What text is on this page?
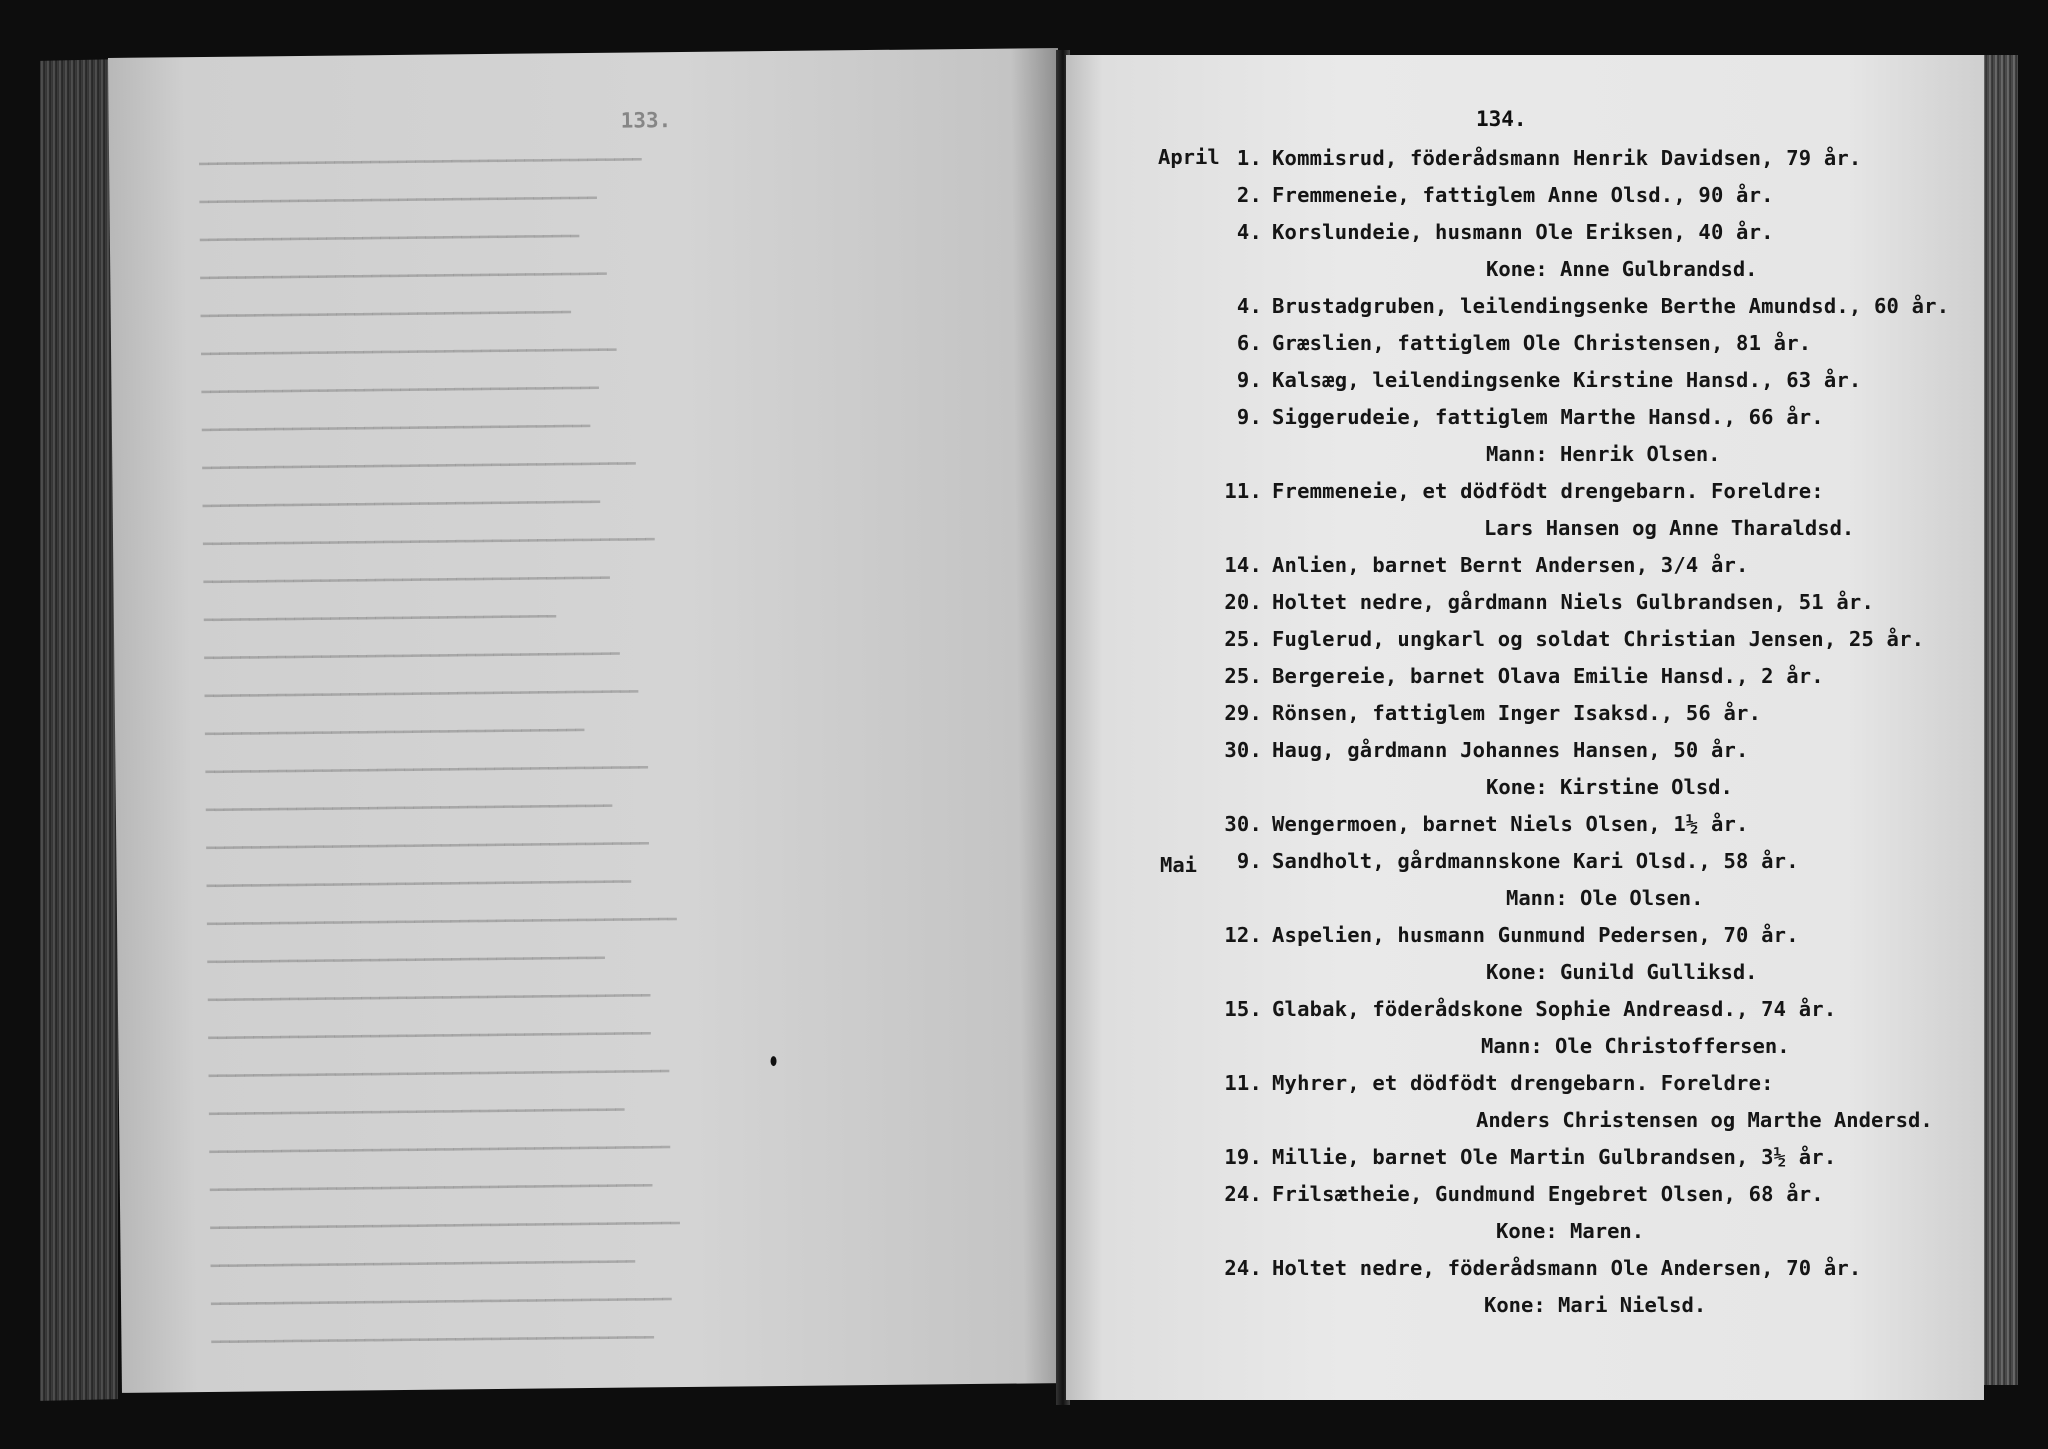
133.
━━━━━━━━━━━━━━━━━━━━━━━━━━━━━━━━━━━━━━━━━━━━━━━━━
━━━━━━━━━━━━━━━━━━━━━━━━━━━━━━━━━━━━━━━━━━━━
━━━━━━━━━━━━━━━━━━━━━━━━━━━━━━━━━━━━━━━━━━
━━━━━━━━━━━━━━━━━━━━━━━━━━━━━━━━━━━━━━━━━━━━━
━━━━━━━━━━━━━━━━━━━━━━━━━━━━━━━━━━━━━━━━━
━━━━━━━━━━━━━━━━━━━━━━━━━━━━━━━━━━━━━━━━━━━━━━
━━━━━━━━━━━━━━━━━━━━━━━━━━━━━━━━━━━━━━━━━━━━
━━━━━━━━━━━━━━━━━━━━━━━━━━━━━━━━━━━━━━━━━━━
━━━━━━━━━━━━━━━━━━━━━━━━━━━━━━━━━━━━━━━━━━━━━━━━
━━━━━━━━━━━━━━━━━━━━━━━━━━━━━━━━━━━━━━━━━━━━
━━━━━━━━━━━━━━━━━━━━━━━━━━━━━━━━━━━━━━━━━━━━━━━━━━
━━━━━━━━━━━━━━━━━━━━━━━━━━━━━━━━━━━━━━━━━━━━━
━━━━━━━━━━━━━━━━━━━━━━━━━━━━━━━━━━━━━━━
━━━━━━━━━━━━━━━━━━━━━━━━━━━━━━━━━━━━━━━━━━━━━━
━━━━━━━━━━━━━━━━━━━━━━━━━━━━━━━━━━━━━━━━━━━━━━━━
━━━━━━━━━━━━━━━━━━━━━━━━━━━━━━━━━━━━━━━━━━
━━━━━━━━━━━━━━━━━━━━━━━━━━━━━━━━━━━━━━━━━━━━━━━━━
━━━━━━━━━━━━━━━━━━━━━━━━━━━━━━━━━━━━━━━━━━━━━
━━━━━━━━━━━━━━━━━━━━━━━━━━━━━━━━━━━━━━━━━━━━━━━━━
━━━━━━━━━━━━━━━━━━━━━━━━━━━━━━━━━━━━━━━━━━━━━━━
━━━━━━━━━━━━━━━━━━━━━━━━━━━━━━━━━━━━━━━━━━━━━━━━━━━━
━━━━━━━━━━━━━━━━━━━━━━━━━━━━━━━━━━━━━━━━━━━━
━━━━━━━━━━━━━━━━━━━━━━━━━━━━━━━━━━━━━━━━━━━━━━━━━
━━━━━━━━━━━━━━━━━━━━━━━━━━━━━━━━━━━━━━━━━━━━━━━━━
━━━━━━━━━━━━━━━━━━━━━━━━━━━━━━━━━━━━━━━━━━━━━━━━━━━
━━━━━━━━━━━━━━━━━━━━━━━━━━━━━━━━━━━━━━━━━━━━━━
━━━━━━━━━━━━━━━━━━━━━━━━━━━━━━━━━━━━━━━━━━━━━━━━━━━
━━━━━━━━━━━━━━━━━━━━━━━━━━━━━━━━━━━━━━━━━━━━━━━━━
━━━━━━━━━━━━━━━━━━━━━━━━━━━━━━━━━━━━━━━━━━━━━━━━━━━━
━━━━━━━━━━━━━━━━━━━━━━━━━━━━━━━━━━━━━━━━━━━━━━━
━━━━━━━━━━━━━━━━━━━━━━━━━━━━━━━━━━━━━━━━━━━━━━━━━━━
━━━━━━━━━━━━━━━━━━━━━━━━━━━━━━━━━━━━━━━━━━━━━━━━━
134.
April
Mai
1. Kommisrud, föderådsmann Henrik Davidsen, 79 år.
2. Fremmeneie, fattiglem Anne Olsd., 90 år.
4. Korslundeie, husmann Ole Eriksen, 40 år.
Kone: Anne Gulbrandsd.
4. Brustadgruben, leilendingsenke Berthe Amundsd., 60 år.
6. Græslien, fattiglem Ole Christensen, 81 år.
9. Kalsæg, leilendingsenke Kirstine Hansd., 63 år.
9. Siggerudeie, fattiglem Marthe Hansd., 66 år.
Mann: Henrik Olsen.
11. Fremmeneie, et dödfödt drengebarn. Foreldre:
Lars Hansen og Anne Tharaldsd.
14. Anlien, barnet Bernt Andersen, 3/4 år.
20. Holtet nedre, gårdmann Niels Gulbrandsen, 51 år.
25. Fuglerud, ungkarl og soldat Christian Jensen, 25 år.
25. Bergereie, barnet Olava Emilie Hansd., 2 år.
29. Rönsen, fattiglem Inger Isaksd., 56 år.
30. Haug, gårdmann Johannes Hansen, 50 år.
Kone: Kirstine Olsd.
30. Wengermoen, barnet Niels Olsen, 1½ år.
9. Sandholt, gårdmannskone Kari Olsd., 58 år.
Mann: Ole Olsen.
12. Aspelien, husmann Gunmund Pedersen, 70 år.
Kone: Gunild Gulliksd.
15. Glabak, föderådskone Sophie Andreasd., 74 år.
Mann: Ole Christoffersen.
11. Myhrer, et dödfödt drengebarn. Foreldre:
Anders Christensen og Marthe Andersd.
19. Millie, barnet Ole Martin Gulbrandsen, 3½ år.
24. Frilsætheie, Gundmund Engebret Olsen, 68 år.
Kone: Maren.
24. Holtet nedre, föderådsmann Ole Andersen, 70 år.
Kone: Mari Nielsd.
